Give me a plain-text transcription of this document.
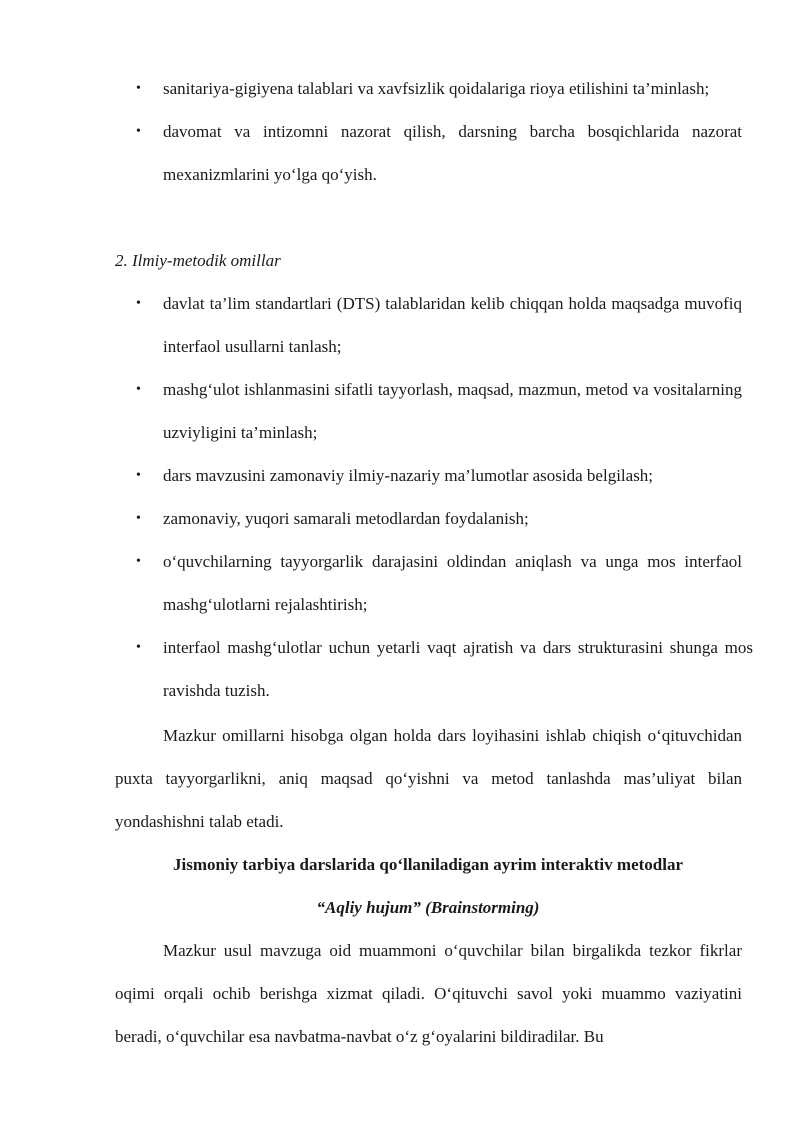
• sanitariya-gigiyena talablari va xavfsizlik qoidalariga rioya etilishini ta’minlash;
• davomat va intizomni nazorat qilish, darsning barcha bosqichlarida nazorat mexanizmlarini yo‘lga qo‘yish.
2. Ilmiy-metodik omillar
• davlat ta’lim standartlari (DTS) talablaridan kelib chiqqan holda maqsadga muvofiq interfaol usullarni tanlash;
• mashg‘ulot ishlanmasini sifatli tayyorlash, maqsad, mazmun, metod va vositalarning uzviyligini ta’minlash;
• dars mavzusini zamonaviy ilmiy-nazariy ma’lumotlar asosida belgilash;
• zamonaviy, yuqori samarali metodlardan foydalanish;
• o‘quvchilarning tayyorgarlik darajasini oldindan aniqlash va unga mos interfaol mashg‘ulotlarni rejalashtirish;
• interfaol mashg‘ulotlar uchun yetarli vaqt ajratish va dars strukturasini shunga mos ravishda tuzish.

Mazkur omillarni hisobga olgan holda dars loyihasini ishlab chiqish o‘qituvchidan puxta tayyorgarlikni, aniq maqsad qo‘yishni va metod tanlashda mas’uliyat bilan yondashishni talab etadi.

Jismoniy tarbiya darslarida qo‘llaniladigan ayrim interaktiv metodlar
“Aqliy hujum” (Brainstorming)

Mazkur usul mavzuga oid muammoni o‘quvchilar bilan birgalikda tezkor fikrlar oqimi orqali ochib berishga xizmat qiladi. O‘qituvchi savol yoki muammo vaziyatini beradi, o‘quvchilar esa navbatma-navbat o‘z g‘oyalarini bildiradilar. Bu
